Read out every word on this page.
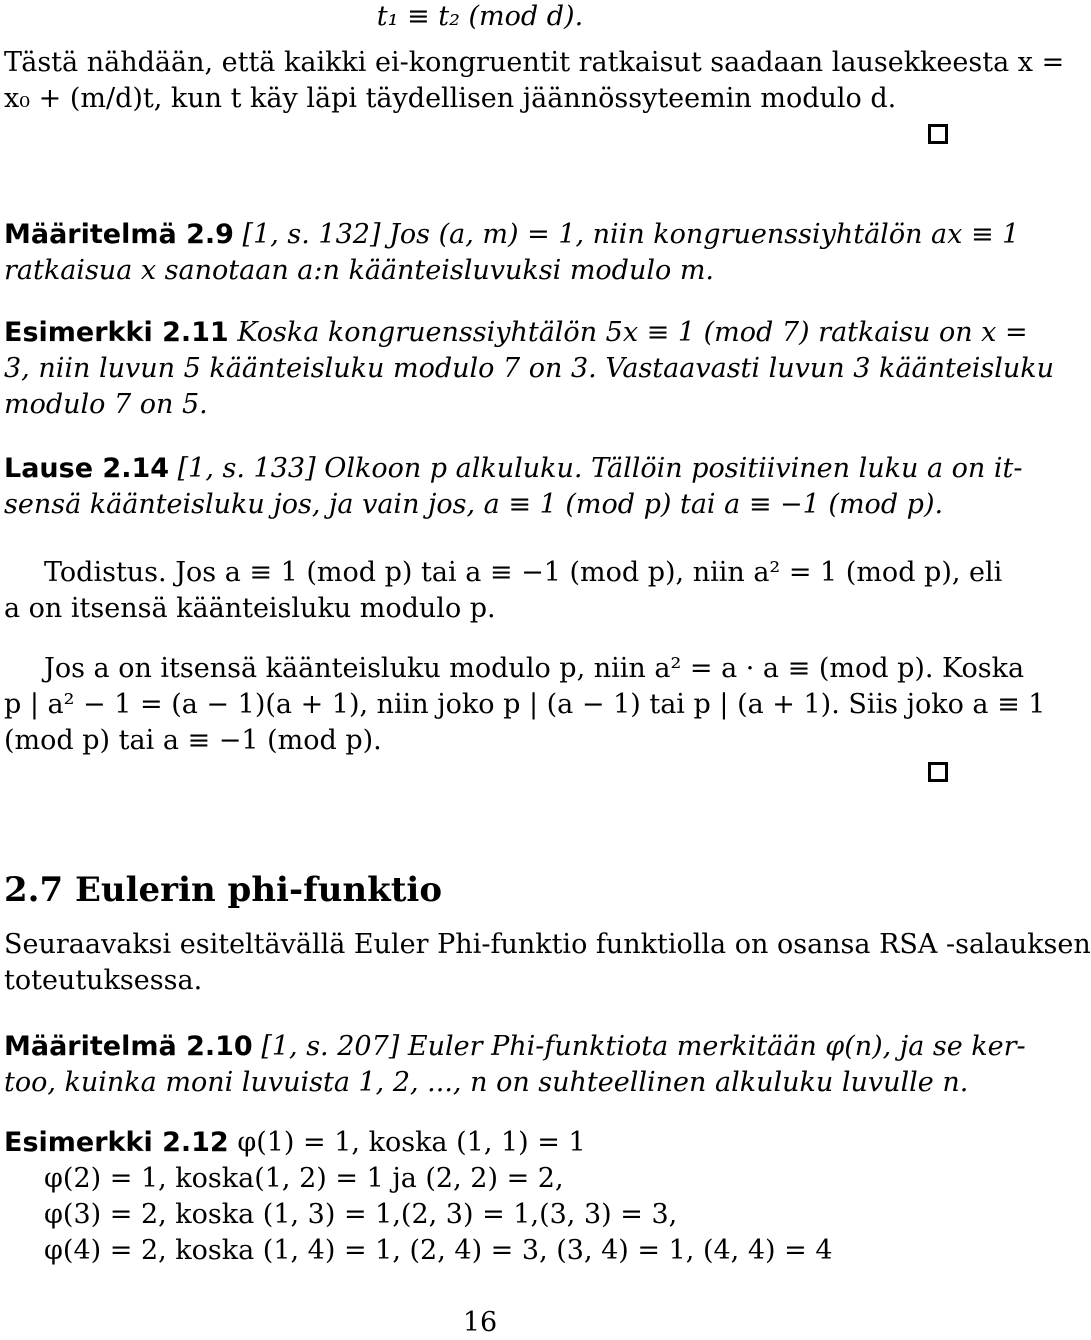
t₁ ≡ t₂ (mod d).
Tästä nähdään, että kaikki ei-kongruentit ratkaisut saadaan lausekkeesta x =
x₀ + (m/d)t, kun t käy läpi täydellisen jäännössyteemin modulo d.
Määritelmä 2.9 [1, s. 132] Jos (a, m) = 1, niin kongruenssiyhtälön ax ≡ 1
ratkaisua x sanotaan a:n käänteisluvuksi modulo m.
Esimerkki 2.11 Koska kongruenssiyhtälön 5x ≡ 1 (mod 7) ratkaisu on x =
3, niin luvun 5 käänteisluku modulo 7 on 3. Vastaavasti luvun 3 käänteisluku
modulo 7 on 5.
Lause 2.14 [1, s. 133] Olkoon p alkuluku. Tällöin positiivinen luku a on it-
sensä käänteisluku jos, ja vain jos, a ≡ 1 (mod p) tai a ≡ −1 (mod p).
Todistus. Jos a ≡ 1 (mod p) tai a ≡ −1 (mod p), niin a² = 1 (mod p), eli
a on itsensä käänteisluku modulo p.
Jos a on itsensä käänteisluku modulo p, niin a² = a · a ≡ (mod p). Koska
p | a² − 1 = (a − 1)(a + 1), niin joko p | (a − 1) tai p | (a + 1). Siis joko a ≡ 1
(mod p) tai a ≡ −1 (mod p).
2.7 Eulerin phi-funktio
Seuraavaksi esiteltävällä Euler Phi-funktio funktiolla on osansa RSA -salauksen
toteutuksessa.
Määritelmä 2.10 [1, s. 207] Euler Phi-funktiota merkitään φ(n), ja se ker-
too, kuinka moni luvuista 1, 2, ..., n on suhteellinen alkuluku luvulle n.
Esimerkki 2.12 φ(1) = 1, koska (1, 1) = 1
φ(2) = 1, koska(1, 2) = 1 ja (2, 2) = 2,
φ(3) = 2, koska (1, 3) = 1,(2, 3) = 1,(3, 3) = 3,
φ(4) = 2, koska (1, 4) = 1, (2, 4) = 3, (3, 4) = 1, (4, 4) = 4
16
